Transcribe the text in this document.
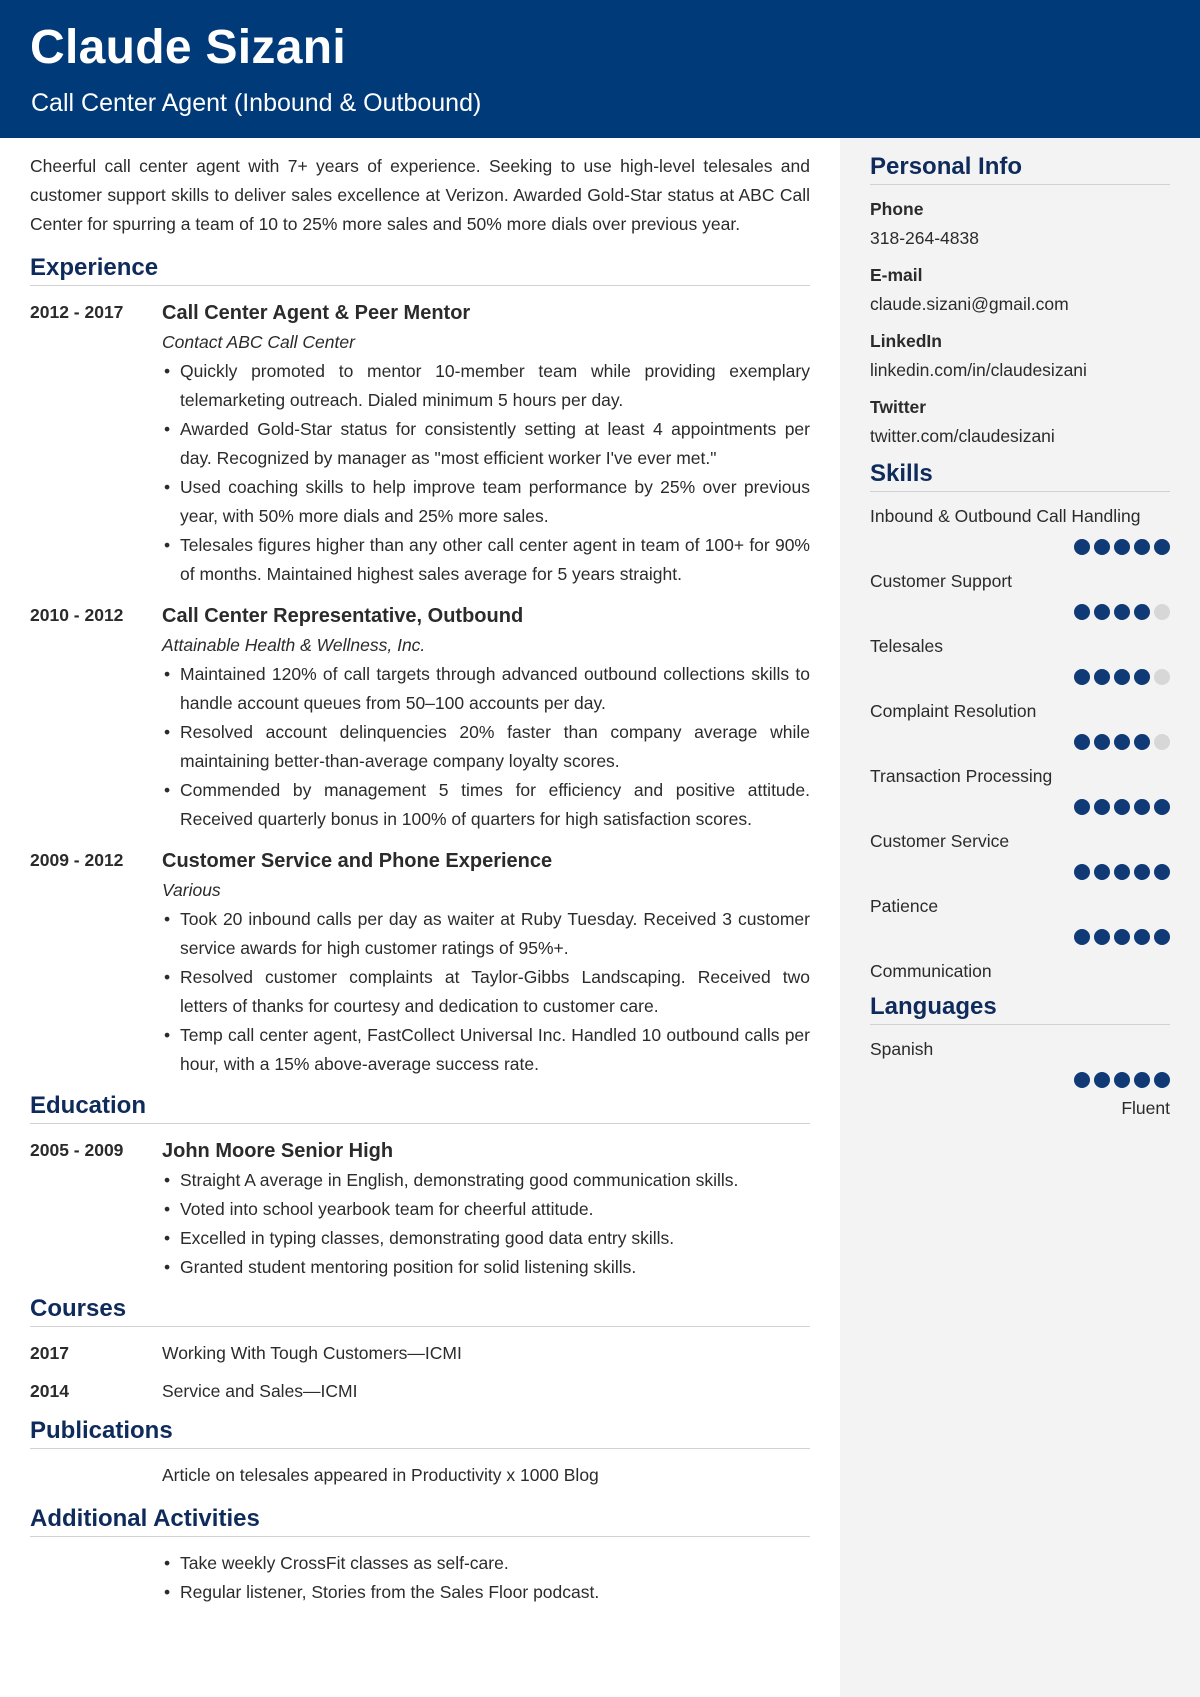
Claude Sizani

Call Center Agent (Inbound & Outbound)

Cheerful call center agent with 7+ years of experience. Seeking to use high-level telesales and customer support skills to deliver sales excellence at Verizon. Awarded Gold-Star status at ABC Call Center for spurring a team of 10 to 25% more sales and 50% more dials over previous year.

Experience
2012 - 2017	Call Center Agent & Peer Mentor
Contact ABC Call Center
• Quickly promoted to mentor 10-member team while providing exemplary telemarketing outreach. Dialed minimum 5 hours per day.
• Awarded Gold-Star status for consistently setting at least 4 appointments per day. Recognized by manager as "most efficient worker I've ever met."
• Used coaching skills to help improve team performance by 25% over previous year, with 50% more dials and 25% more sales.
• Telesales figures higher than any other call center agent in team of 100+ for 90% of months. Maintained highest sales average for 5 years straight.
2010 - 2012	Call Center Representative, Outbound
Attainable Health & Wellness, Inc.
• Maintained 120% of call targets through advanced outbound collections skills to handle account queues from 50–100 accounts per day.
• Resolved account delinquencies 20% faster than company average while maintaining better-than-average company loyalty scores.
• Commended by management 5 times for efficiency and positive attitude. Received quarterly bonus in 100% of quarters for high satisfaction scores.
2009 - 2012	Customer Service and Phone Experience
Various
• Took 20 inbound calls per day as waiter at Ruby Tuesday. Received 3 customer service awards for high customer ratings of 95%+.
• Resolved customer complaints at Taylor-Gibbs Landscaping. Received two letters of thanks for courtesy and dedication to customer care.
• Temp call center agent, FastCollect Universal Inc. Handled 10 outbound calls per hour, with a 15% above-average success rate.
Education
2005 - 2009	John Moore Senior High
• Straight A average in English, demonstrating good communication skills.
• Voted into school yearbook team for cheerful attitude.
• Excelled in typing classes, demonstrating good data entry skills.
• Granted student mentoring position for solid listening skills.
Courses
2017	Working With Tough Customers—ICMI
2014	Service and Sales—ICMI
Publications
Article on telesales appeared in Productivity x 1000 Blog
Additional Activities
• Take weekly CrossFit classes as self-care.
• Regular listener, Stories from the Sales Floor podcast.
Personal Info
Phone
318-264-4838
E-mail
claude.sizani@gmail.com
LinkedIn
linkedin.com/in/claudesizani
Twitter
twitter.com/claudesizani
Skills
Inbound & Outbound Call Handling
Customer Support
Telesales
Complaint Resolution
Transaction Processing
Customer Service
Patience
Communication
Languages
Spanish
Fluent
